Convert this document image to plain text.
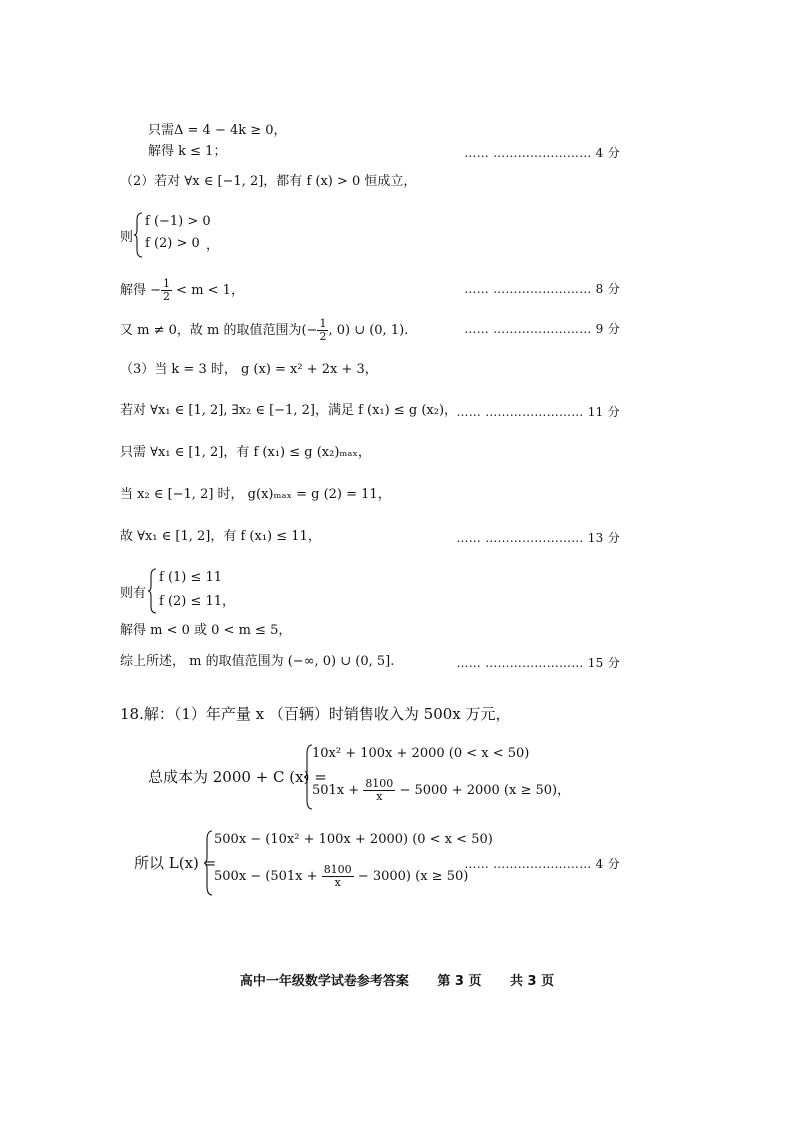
只需Δ = 4 − 4k ≥ 0，
解得 k ≤ 1；	…… …………………… 4 分
（2）若对 ∀x ∈ [−1, 2]，都有 f (x) > 0 恒成立，
则
f (−1) > 0
f (2) > 0 ，
解得 − $\frac{1}{2} < m < 1$，	…… …………………… 8 分
又 m ≠ 0，故 m 的取值范围为(− $\frac{1}{2}$ , 0) ∪ (0, 1).	…… …………………… 9 分
（3）当 k = 3 时， g (x) = x² + 2x + 3，
若对 ∀x₁ ∈ [1, 2], ∃x₂ ∈ [−1, 2]，满足 f (x₁) ≤ g (x₂)， …… …………………… 11 分
只需 ∀x₁ ∈ [1, 2]，有 f (x₁) ≤ g (x₂)ₘₐₓ，
当 x₂ ∈ [−1, 2] 时， g(x)ₘₐₓ = g (2) = 11，
故 ∀x₁ ∈ [1, 2]，有 f (x₁) ≤ 11，	…… …………………… 13 分
则有
f (1) ≤ 11
f (2) ≤ 11，
解得 m < 0 或 0 < m ≤ 5，
综上所述， m 的取值范围为 (−∞, 0) ∪ (0, 5].	…… …………………… 15 分
18.解：（1）年产量 x （百辆）时销售收入为 500x 万元，
总成本为 2000 + C (x) =
10x² + 100x + 2000 (0 < x < 50)
$501x + \frac{8100}{x} - 5000 + 2000$ (x ≥ 50)，
所以 L(x) =
500x − (10x² + 100x + 2000) (0 < x < 50)
$500x - (501x + \frac{8100}{x} - 3000)$ (x ≥ 50)
…… …………………… 4 分
高中一年级数学试卷参考答案 第 3 页 共 3 页
